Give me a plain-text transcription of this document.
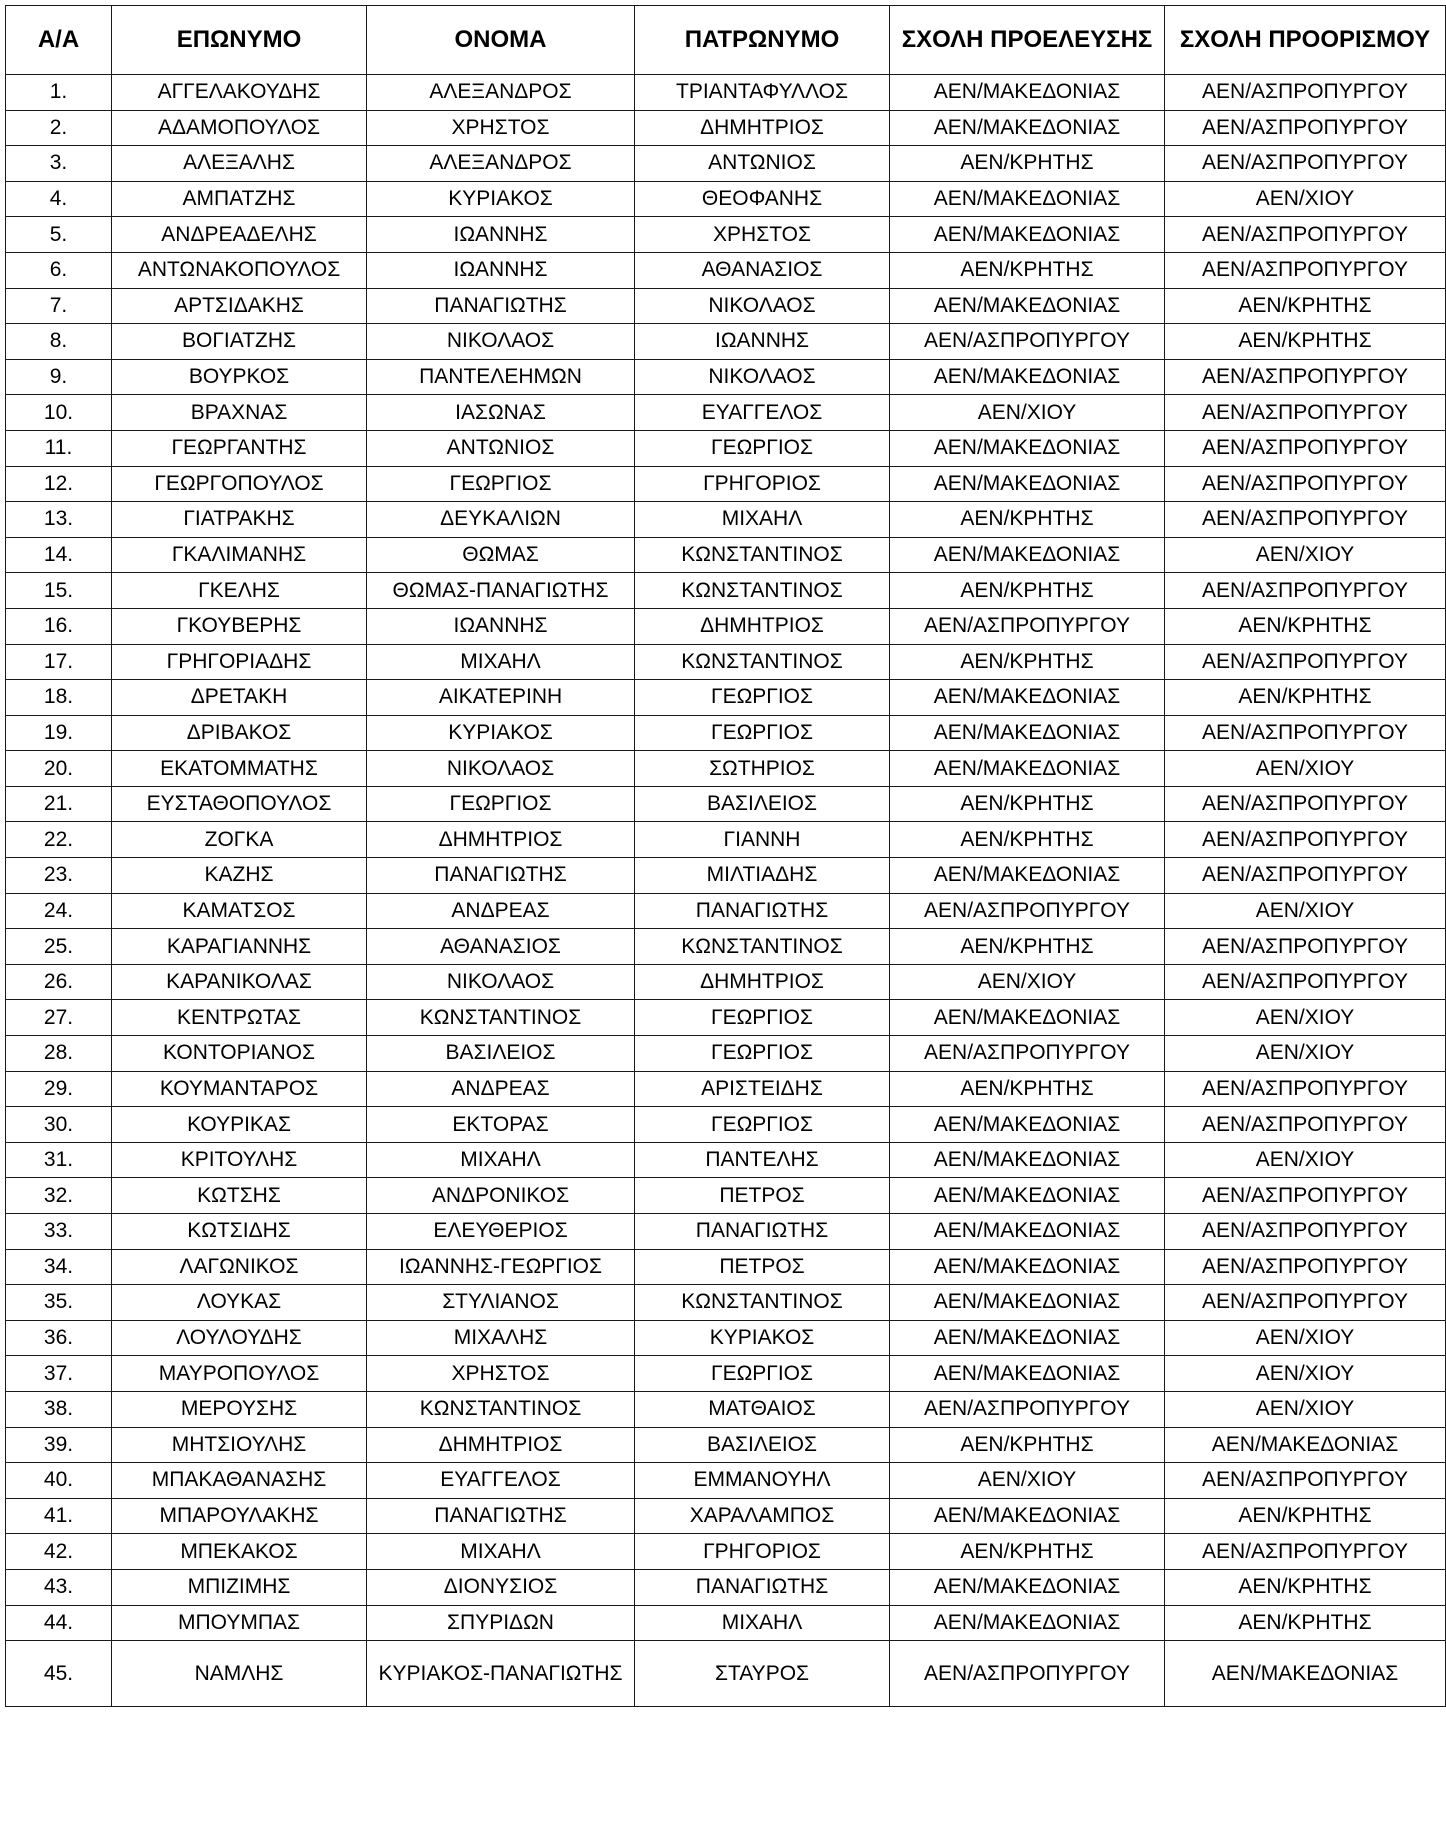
Α/Α	ΕΠΩΝΥΜΟ	ΟΝΟΜΑ	ΠΑΤΡΩΝΥΜΟ	ΣΧΟΛΗ ΠΡΟΕΛΕΥΣΗΣ	ΣΧΟΛΗ ΠΡΟΟΡΙΣΜΟΥ
1.	ΑΓΓΕΛΑΚΟΥΔΗΣ	ΑΛΕΞΑΝΔΡΟΣ	ΤΡΙΑΝΤΑΦΥΛΛΟΣ	ΑΕΝ/ΜΑΚΕΔΟΝΙΑΣ	ΑΕΝ/ΑΣΠΡΟΠΥΡΓΟΥ
2.	ΑΔΑΜΟΠΟΥΛΟΣ	ΧΡΗΣΤΟΣ	ΔΗΜΗΤΡΙΟΣ	ΑΕΝ/ΜΑΚΕΔΟΝΙΑΣ	ΑΕΝ/ΑΣΠΡΟΠΥΡΓΟΥ
3.	ΑΛΕΞΑΛΗΣ	ΑΛΕΞΑΝΔΡΟΣ	ΑΝΤΩΝΙΟΣ	ΑΕΝ/ΚΡΗΤΗΣ	ΑΕΝ/ΑΣΠΡΟΠΥΡΓΟΥ
4.	ΑΜΠΑΤΖΗΣ	ΚΥΡΙΑΚΟΣ	ΘΕΟΦΑΝΗΣ	ΑΕΝ/ΜΑΚΕΔΟΝΙΑΣ	ΑΕΝ/ΧΙΟΥ
5.	ΑΝΔΡΕΑΔΕΛΗΣ	ΙΩΑΝΝΗΣ	ΧΡΗΣΤΟΣ	ΑΕΝ/ΜΑΚΕΔΟΝΙΑΣ	ΑΕΝ/ΑΣΠΡΟΠΥΡΓΟΥ
6.	ΑΝΤΩΝΑΚΟΠΟΥΛΟΣ	ΙΩΑΝΝΗΣ	ΑΘΑΝΑΣΙΟΣ	ΑΕΝ/ΚΡΗΤΗΣ	ΑΕΝ/ΑΣΠΡΟΠΥΡΓΟΥ
7.	ΑΡΤΣΙΔΑΚΗΣ	ΠΑΝΑΓΙΩΤΗΣ	ΝΙΚΟΛΑΟΣ	ΑΕΝ/ΜΑΚΕΔΟΝΙΑΣ	ΑΕΝ/ΚΡΗΤΗΣ
8.	ΒΟΓΙΑΤΖΗΣ	ΝΙΚΟΛΑΟΣ	ΙΩΑΝΝΗΣ	ΑΕΝ/ΑΣΠΡΟΠΥΡΓΟΥ	ΑΕΝ/ΚΡΗΤΗΣ
9.	ΒΟΥΡΚΟΣ	ΠΑΝΤΕΛΕΗΜΩΝ	ΝΙΚΟΛΑΟΣ	ΑΕΝ/ΜΑΚΕΔΟΝΙΑΣ	ΑΕΝ/ΑΣΠΡΟΠΥΡΓΟΥ
10.	ΒΡΑΧΝΑΣ	ΙΑΣΩΝΑΣ	ΕΥΑΓΓΕΛΟΣ	ΑΕΝ/ΧΙΟΥ	ΑΕΝ/ΑΣΠΡΟΠΥΡΓΟΥ
11.	ΓΕΩΡΓΑΝΤΗΣ	ΑΝΤΩΝΙΟΣ	ΓΕΩΡΓΙΟΣ	ΑΕΝ/ΜΑΚΕΔΟΝΙΑΣ	ΑΕΝ/ΑΣΠΡΟΠΥΡΓΟΥ
12.	ΓΕΩΡΓΟΠΟΥΛΟΣ	ΓΕΩΡΓΙΟΣ	ΓΡΗΓΟΡΙΟΣ	ΑΕΝ/ΜΑΚΕΔΟΝΙΑΣ	ΑΕΝ/ΑΣΠΡΟΠΥΡΓΟΥ
13.	ΓΙΑΤΡΑΚΗΣ	ΔΕΥΚΑΛΙΩΝ	ΜΙΧΑΗΛ	ΑΕΝ/ΚΡΗΤΗΣ	ΑΕΝ/ΑΣΠΡΟΠΥΡΓΟΥ
14.	ΓΚΑΛΙΜΑΝΗΣ	ΘΩΜΑΣ	ΚΩΝΣΤΑΝΤΙΝΟΣ	ΑΕΝ/ΜΑΚΕΔΟΝΙΑΣ	ΑΕΝ/ΧΙΟΥ
15.	ΓΚΕΛΗΣ	ΘΩΜΑΣ-ΠΑΝΑΓΙΩΤΗΣ	ΚΩΝΣΤΑΝΤΙΝΟΣ	ΑΕΝ/ΚΡΗΤΗΣ	ΑΕΝ/ΑΣΠΡΟΠΥΡΓΟΥ
16.	ΓΚΟΥΒΕΡΗΣ	ΙΩΑΝΝΗΣ	ΔΗΜΗΤΡΙΟΣ	ΑΕΝ/ΑΣΠΡΟΠΥΡΓΟΥ	ΑΕΝ/ΚΡΗΤΗΣ
17.	ΓΡΗΓΟΡΙΑΔΗΣ	ΜΙΧΑΗΛ	ΚΩΝΣΤΑΝΤΙΝΟΣ	ΑΕΝ/ΚΡΗΤΗΣ	ΑΕΝ/ΑΣΠΡΟΠΥΡΓΟΥ
18.	ΔΡΕΤΑΚΗ	ΑΙΚΑΤΕΡΙΝΗ	ΓΕΩΡΓΙΟΣ	ΑΕΝ/ΜΑΚΕΔΟΝΙΑΣ	ΑΕΝ/ΚΡΗΤΗΣ
19.	ΔΡΙΒΑΚΟΣ	ΚΥΡΙΑΚΟΣ	ΓΕΩΡΓΙΟΣ	ΑΕΝ/ΜΑΚΕΔΟΝΙΑΣ	ΑΕΝ/ΑΣΠΡΟΠΥΡΓΟΥ
20.	ΕΚΑΤΟΜΜΑΤΗΣ	ΝΙΚΟΛΑΟΣ	ΣΩΤΗΡΙΟΣ	ΑΕΝ/ΜΑΚΕΔΟΝΙΑΣ	ΑΕΝ/ΧΙΟΥ
21.	ΕΥΣΤΑΘΟΠΟΥΛΟΣ	ΓΕΩΡΓΙΟΣ	ΒΑΣΙΛΕΙΟΣ	ΑΕΝ/ΚΡΗΤΗΣ	ΑΕΝ/ΑΣΠΡΟΠΥΡΓΟΥ
22.	ΖΟΓΚΑ	ΔΗΜΗΤΡΙΟΣ	ΓΙΑΝΝΗ	ΑΕΝ/ΚΡΗΤΗΣ	ΑΕΝ/ΑΣΠΡΟΠΥΡΓΟΥ
23.	ΚΑΖΗΣ	ΠΑΝΑΓΙΩΤΗΣ	ΜΙΛΤΙΑΔΗΣ	ΑΕΝ/ΜΑΚΕΔΟΝΙΑΣ	ΑΕΝ/ΑΣΠΡΟΠΥΡΓΟΥ
24.	ΚΑΜΑΤΣΟΣ	ΑΝΔΡΕΑΣ	ΠΑΝΑΓΙΩΤΗΣ	ΑΕΝ/ΑΣΠΡΟΠΥΡΓΟΥ	ΑΕΝ/ΧΙΟΥ
25.	ΚΑΡΑΓΙΑΝΝΗΣ	ΑΘΑΝΑΣΙΟΣ	ΚΩΝΣΤΑΝΤΙΝΟΣ	ΑΕΝ/ΚΡΗΤΗΣ	ΑΕΝ/ΑΣΠΡΟΠΥΡΓΟΥ
26.	ΚΑΡΑΝΙΚΟΛΑΣ	ΝΙΚΟΛΑΟΣ	ΔΗΜΗΤΡΙΟΣ	ΑΕΝ/ΧΙΟΥ	ΑΕΝ/ΑΣΠΡΟΠΥΡΓΟΥ
27.	ΚΕΝΤΡΩΤΑΣ	ΚΩΝΣΤΑΝΤΙΝΟΣ	ΓΕΩΡΓΙΟΣ	ΑΕΝ/ΜΑΚΕΔΟΝΙΑΣ	ΑΕΝ/ΧΙΟΥ
28.	ΚΟΝΤΟΡΙΑΝΟΣ	ΒΑΣΙΛΕΙΟΣ	ΓΕΩΡΓΙΟΣ	ΑΕΝ/ΑΣΠΡΟΠΥΡΓΟΥ	ΑΕΝ/ΧΙΟΥ
29.	ΚΟΥΜΑΝΤΑΡΟΣ	ΑΝΔΡΕΑΣ	ΑΡΙΣΤΕΙΔΗΣ	ΑΕΝ/ΚΡΗΤΗΣ	ΑΕΝ/ΑΣΠΡΟΠΥΡΓΟΥ
30.	ΚΟΥΡΙΚΑΣ	ΕΚΤΟΡΑΣ	ΓΕΩΡΓΙΟΣ	ΑΕΝ/ΜΑΚΕΔΟΝΙΑΣ	ΑΕΝ/ΑΣΠΡΟΠΥΡΓΟΥ
31.	ΚΡΙΤΟΥΛΗΣ	ΜΙΧΑΗΛ	ΠΑΝΤΕΛΗΣ	ΑΕΝ/ΜΑΚΕΔΟΝΙΑΣ	ΑΕΝ/ΧΙΟΥ
32.	ΚΩΤΣΗΣ	ΑΝΔΡΟΝΙΚΟΣ	ΠΕΤΡΟΣ	ΑΕΝ/ΜΑΚΕΔΟΝΙΑΣ	ΑΕΝ/ΑΣΠΡΟΠΥΡΓΟΥ
33.	ΚΩΤΣΙΔΗΣ	ΕΛΕΥΘΕΡΙΟΣ	ΠΑΝΑΓΙΩΤΗΣ	ΑΕΝ/ΜΑΚΕΔΟΝΙΑΣ	ΑΕΝ/ΑΣΠΡΟΠΥΡΓΟΥ
34.	ΛΑΓΩΝΙΚΟΣ	ΙΩΑΝΝΗΣ-ΓΕΩΡΓΙΟΣ	ΠΕΤΡΟΣ	ΑΕΝ/ΜΑΚΕΔΟΝΙΑΣ	ΑΕΝ/ΑΣΠΡΟΠΥΡΓΟΥ
35.	ΛΟΥΚΑΣ	ΣΤΥΛΙΑΝΟΣ	ΚΩΝΣΤΑΝΤΙΝΟΣ	ΑΕΝ/ΜΑΚΕΔΟΝΙΑΣ	ΑΕΝ/ΑΣΠΡΟΠΥΡΓΟΥ
36.	ΛΟΥΛΟΥΔΗΣ	ΜΙΧΑΛΗΣ	ΚΥΡΙΑΚΟΣ	ΑΕΝ/ΜΑΚΕΔΟΝΙΑΣ	ΑΕΝ/ΧΙΟΥ
37.	ΜΑΥΡΟΠΟΥΛΟΣ	ΧΡΗΣΤΟΣ	ΓΕΩΡΓΙΟΣ	ΑΕΝ/ΜΑΚΕΔΟΝΙΑΣ	ΑΕΝ/ΧΙΟΥ
38.	ΜΕΡΟΥΣΗΣ	ΚΩΝΣΤΑΝΤΙΝΟΣ	ΜΑΤΘΑΙΟΣ	ΑΕΝ/ΑΣΠΡΟΠΥΡΓΟΥ	ΑΕΝ/ΧΙΟΥ
39.	ΜΗΤΣΙΟΥΛΗΣ	ΔΗΜΗΤΡΙΟΣ	ΒΑΣΙΛΕΙΟΣ	ΑΕΝ/ΚΡΗΤΗΣ	ΑΕΝ/ΜΑΚΕΔΟΝΙΑΣ
40.	ΜΠΑΚΑΘΑΝΑΣΗΣ	ΕΥΑΓΓΕΛΟΣ	ΕΜΜΑΝΟΥΗΛ	ΑΕΝ/ΧΙΟΥ	ΑΕΝ/ΑΣΠΡΟΠΥΡΓΟΥ
41.	ΜΠΑΡΟΥΛΑΚΗΣ	ΠΑΝΑΓΙΩΤΗΣ	ΧΑΡΑΛΑΜΠΟΣ	ΑΕΝ/ΜΑΚΕΔΟΝΙΑΣ	ΑΕΝ/ΚΡΗΤΗΣ
42.	ΜΠΕΚΑΚΟΣ	ΜΙΧΑΗΛ	ΓΡΗΓΟΡΙΟΣ	ΑΕΝ/ΚΡΗΤΗΣ	ΑΕΝ/ΑΣΠΡΟΠΥΡΓΟΥ
43.	ΜΠΙΖΙΜΗΣ	ΔΙΟΝΥΣΙΟΣ	ΠΑΝΑΓΙΩΤΗΣ	ΑΕΝ/ΜΑΚΕΔΟΝΙΑΣ	ΑΕΝ/ΚΡΗΤΗΣ
44.	ΜΠΟΥΜΠΑΣ	ΣΠΥΡΙΔΩΝ	ΜΙΧΑΗΛ	ΑΕΝ/ΜΑΚΕΔΟΝΙΑΣ	ΑΕΝ/ΚΡΗΤΗΣ
45.	ΝΑΜΛΗΣ	ΚΥΡΙΑΚΟΣ-ΠΑΝΑΓΙΩΤΗΣ	ΣΤΑΥΡΟΣ	ΑΕΝ/ΑΣΠΡΟΠΥΡΓΟΥ	ΑΕΝ/ΜΑΚΕΔΟΝΙΑΣ
